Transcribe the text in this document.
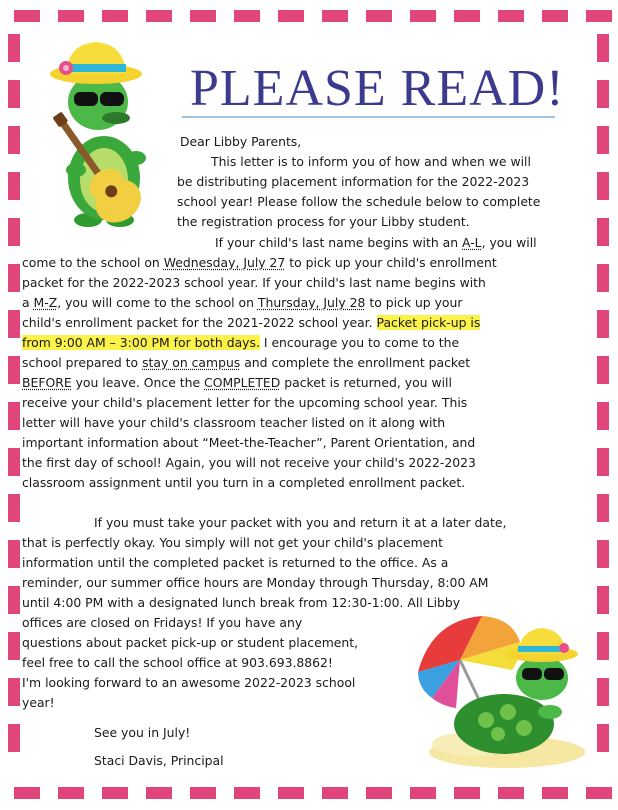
PLEASE READ!
Dear Libby Parents,
This letter is to inform you of how and when we will
be distributing placement information for the 2022-2023
school year! Please follow the schedule below to complete
the registration process for your Libby student.
If your child's last name begins with an A-L, you will
come to the school on Wednesday, July 27 to pick up your child's enrollment
packet for the 2022-2023 school year. If your child's last name begins with
a M-Z, you will come to the school on Thursday, July 28 to pick up your
child's enrollment packet for the 2021-2022 school year. Packet pick-up is
from 9:00 AM – 3:00 PM for both days. I encourage you to come to the
school prepared to stay on campus and complete the enrollment packet
BEFORE you leave. Once the COMPLETED packet is returned, you will
receive your child's placement letter for the upcoming school year. This
letter will have your child's classroom teacher listed on it along with
important information about “Meet-the-Teacher”, Parent Orientation, and
the first day of school! Again, you will not receive your child's 2022-2023
classroom assignment until you turn in a completed enrollment packet.
If you must take your packet with you and return it at a later date,
that is perfectly okay. You simply will not get your child's placement
information until the completed packet is returned to the office. As a
reminder, our summer office hours are Monday through Thursday, 8:00 AM
until 4:00 PM with a designated lunch break from 12:30-1:00. All Libby
offices are closed on Fridays! If you have any
questions about packet pick-up or student placement,
feel free to call the school office at 903.693.8862!
I'm looking forward to an awesome 2022-2023 school
year!
See you in July!
Staci Davis, Principal
